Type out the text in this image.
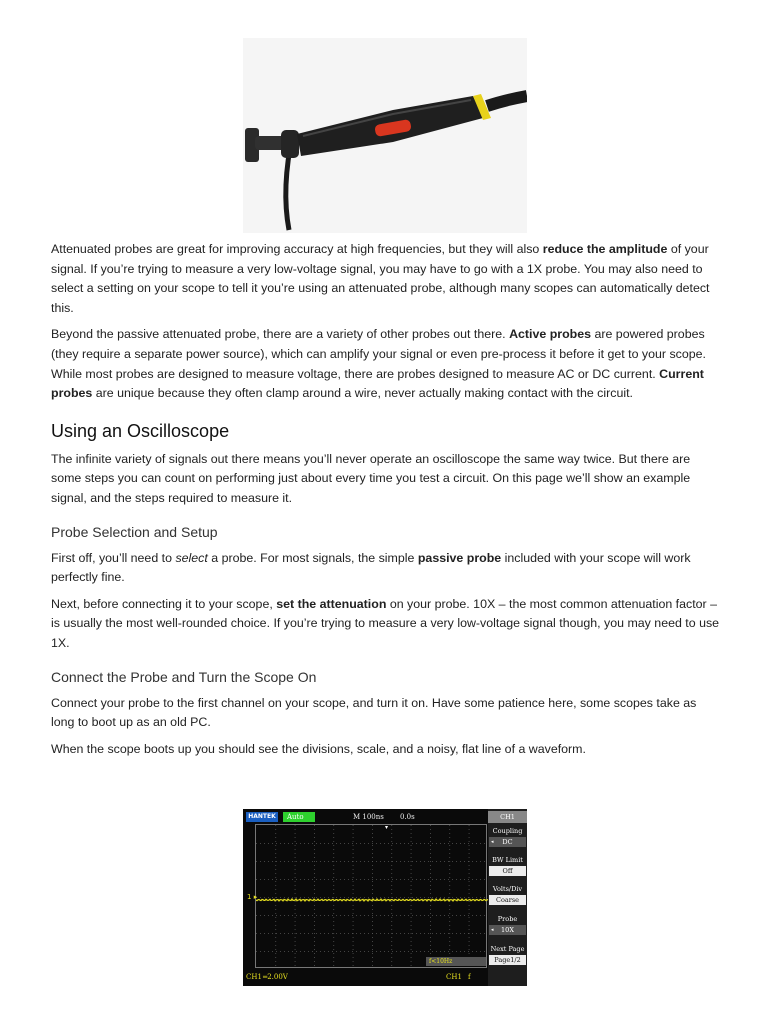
Attenuated probes are great for improving accuracy at high frequencies, but they will also reduce the amplitude of your signal. If you’re trying to measure a very low-voltage signal, you may have to go with a 1X probe. You may also need to select a setting on your scope to tell it you’re using an attenuated probe, although many scopes can automatically detect this.

Beyond the passive attenuated probe, there are a variety of other probes out there. Active probes are powered probes (they require a separate power source), which can amplify your signal or even pre-process it before it get to your scope. While most probes are designed to measure voltage, there are probes designed to measure AC or DC current. Current probes are unique because they often clamp around a wire, never actually making contact with the circuit.

Using an Oscilloscope

The infinite variety of signals out there means you’ll never operate an oscilloscope the same way twice. But there are some steps you can count on performing just about every time you test a circuit. On this page we’ll show an example signal, and the steps required to measure it.

Probe Selection and Setup

First off, you’ll need to select a probe. For most signals, the simple passive probe included with your scope will work perfectly fine.

Next, before connecting it to your scope, set the attenuation on your probe. 10X – the most common attenuation factor – is usually the most well-rounded choice. If you’re trying to measure a very low-voltage signal though, you may need to use 1X.

Connect the Probe and Turn the Scope On

Connect your probe to the first channel on your scope, and turn it on. Have some patience here, some scopes take as long to boot up as an old PC.

When the scope boots up you should see the divisions, scale, and a noisy, flat line of a waveform.

HANTEK	Auto	M 100ns 0.0s
▾
1 ▸
f<10Hz
CH1 ═2.00V	CH1 f
CH1
Coupling
◂ DC
BW Limit
Off
Volts/Div
Coarse
Probe
◂ 10X
Next Page
Page1/2
